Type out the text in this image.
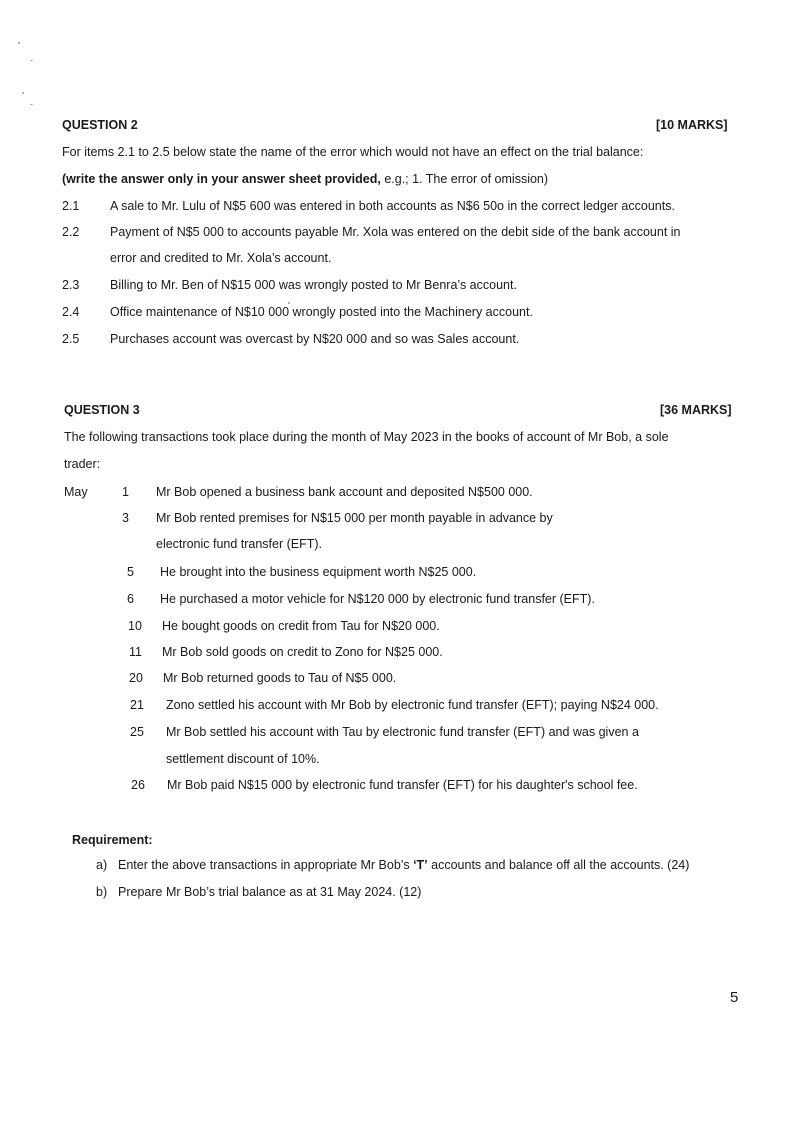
QUESTION 2	[10 MARKS]
For items 2.1 to 2.5 below state the name of the error which would not have an effect on the trial balance:
(write the answer only in your answer sheet provided, e.g.; 1. The error of omission)
2.1 A sale to Mr. Lulu of N$5 600 was entered in both accounts as N$6 50o in the correct ledger accounts.
2.2 Payment of N$5 000 to accounts payable Mr. Xola was entered on the debit side of the bank account in
error and credited to Mr. Xola’s account.
2.3 Billing to Mr. Ben of N$15 000 was wrongly posted to Mr Benra’s account.
2.4 Office maintenance of N$10 000 wrongly posted into the Machinery account.
2.5 Purchases account was overcast by N$20 000 and so was Sales account.
QUESTION 3	[36 MARKS]
The following transactions took place during the month of May 2023 in the books of account of Mr Bob, a sole
trader:
May	1 Mr Bob opened a business bank account and deposited N$500 000.
3 Mr Bob rented premises for N$15 000 per month payable in advance by
electronic fund transfer (EFT).
5 He brought into the business equipment worth N$25 000.
6 He purchased a motor vehicle for N$120 000 by electronic fund transfer (EFT).
10 He bought goods on credit from Tau for N$20 000.
11 Mr Bob sold goods on credit to Zono for N$25 000.
20 Mr Bob returned goods to Tau of N$5 000.
21 Zono settled his account with Mr Bob by electronic fund transfer (EFT); paying N$24 000.
25 Mr Bob settled his account with Tau by electronic fund transfer (EFT) and was given a
settlement discount of 10%.
26 Mr Bob paid N$15 000 by electronic fund transfer (EFT) for his daughter's school fee.
Requirement:
a) Enter the above transactions in appropriate Mr Bob’s ‘T’ accounts and balance off all the accounts. (24)
b) Prepare Mr Bob’s trial balance as at 31 May 2024. (12)
5
